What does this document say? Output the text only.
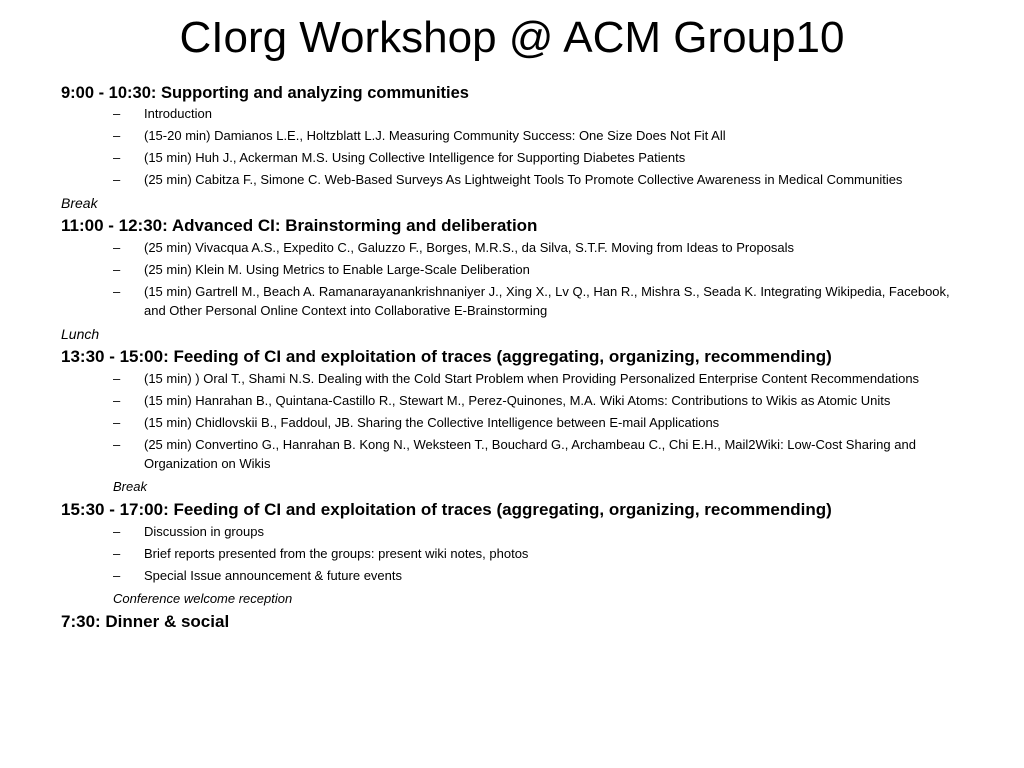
CIorg Workshop @ ACM Group10

9:00 - 10:30: Supporting and analyzing communities

– Introduction
– (15-20 min) Damianos L.E., Holtzblatt L.J. Measuring Community Success: One Size Does Not Fit All
– (15 min) Huh J., Ackerman M.S. Using Collective Intelligence for Supporting Diabetes Patients
– (25 min) Cabitza F., Simone C. Web-Based Surveys As Lightweight Tools To Promote Collective Awareness in Medical Communities

Break

11:00 - 12:30: Advanced CI: Brainstorming and deliberation

– (25 min) Vivacqua A.S., Expedito C., Galuzzo F., Borges, M.R.S., da Silva, S.T.F. Moving from Ideas to Proposals
– (25 min) Klein M. Using Metrics to Enable Large-Scale Deliberation
– (15 min) Gartrell M., Beach A. Ramanarayanankrishnaniyer J., Xing X., Lv Q., Han R., Mishra S., Seada K. Integrating Wikipedia, Facebook, and Other Personal Online Context into Collaborative E-Brainstorming

Lunch

13:30 - 15:00: Feeding of CI and exploitation of traces (aggregating, organizing, recommending)

– (15 min) ) Oral T., Shami N.S. Dealing with the Cold Start Problem when Providing Personalized Enterprise Content Recommendations
– (15 min) Hanrahan B., Quintana-Castillo R., Stewart M., Perez-Quinones, M.A. Wiki Atoms: Contributions to Wikis as Atomic Units
– (15 min) Chidlovskii B., Faddoul, JB. Sharing the Collective Intelligence between E-mail Applications
– (25 min) Convertino G., Hanrahan B. Kong N., Weksteen T., Bouchard G., Archambeau C., Chi E.H., Mail2Wiki: Low-Cost Sharing and Organization on Wikis

Break

15:30 - 17:00: Feeding of CI and exploitation of traces (aggregating, organizing, recommending)

– Discussion in groups
– Brief reports presented from the groups: present wiki notes, photos
– Special Issue announcement & future events

Conference welcome reception

7:30: Dinner & social
